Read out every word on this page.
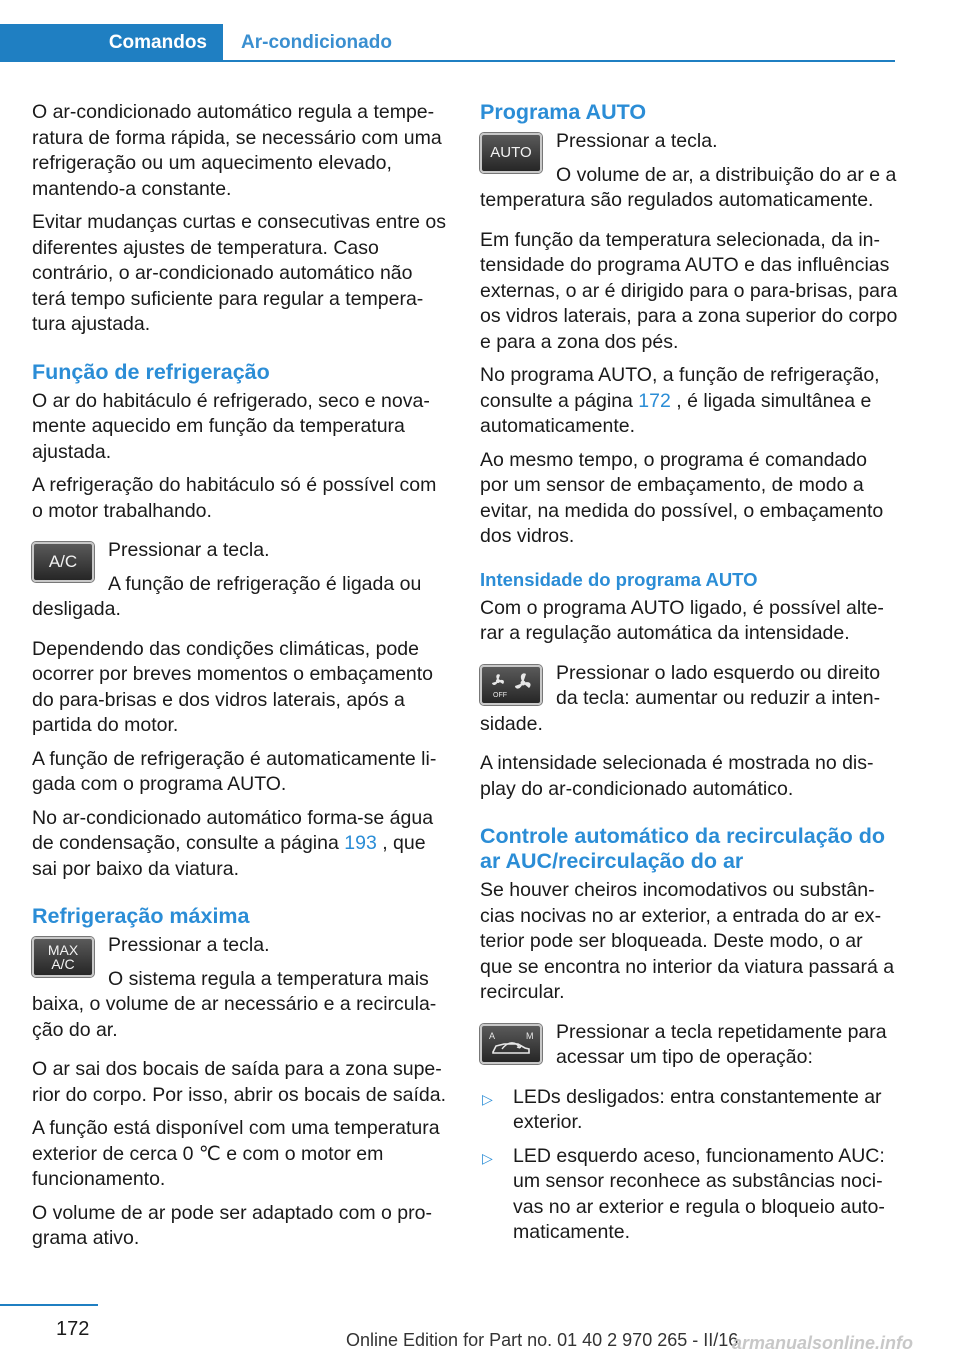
Comandos Ar-condicionado

O ar-condicionado automático regula a temperatura de forma rápida, se necessário com uma refrigeração ou um aquecimento elevado, mantendo-a constante.

Evitar mudanças curtas e consecutivas entre os diferentes ajustes de temperatura. Caso contrário, o ar-condicionado automático não terá tempo suficiente para regular a temperatura ajustada.

Função de refrigeração

O ar do habitáculo é refrigerado, seco e novamente aquecido em função da temperatura ajustada.

A refrigeração do habitáculo só é possível com o motor trabalhando.

A/C
Pressionar a tecla.
A função de refrigeração é ligada ou desligada.

Dependendo das condições climáticas, pode ocorrer por breves momentos o embaçamento do para-brisas e dos vidros laterais, após a partida do motor.

A função de refrigeração é automaticamente ligada com o programa AUTO.

No ar-condicionado automático forma-se água de condensação, consulte a página 193 , que sai por baixo da viatura.

Refrigeração máxima
MAX
A/C
Pressionar a tecla.
O sistema regula a temperatura mais baixa, o volume de ar necessário e a recirculação do ar.

O ar sai dos bocais de saída para a zona superior do corpo. Por isso, abrir os bocais de saída.

A função está disponível com uma temperatura exterior de cerca 0 ℃ e com o motor em funcionamento.

O volume de ar pode ser adaptado com o programa ativo.

Programa AUTO
AUTO
Pressionar a tecla.
O volume de ar, a distribuição do ar e a temperatura são regulados automaticamente.

Em função da temperatura selecionada, da intensidade do programa AUTO e das influências externas, o ar é dirigido para o para-brisas, para os vidros laterais, para a zona superior do corpo e para a zona dos pés.

No programa AUTO, a função de refrigeração, consulte a página 172 , é ligada simultânea e automaticamente.

Ao mesmo tempo, o programa é comandado por um sensor de embaçamento, de modo a evitar, na medida do possível, o embaçamento dos vidros.

Intensidade do programa AUTO

Com o programa AUTO ligado, é possível alterar a regulação automática da intensidade.

OFF
Pressionar o lado esquerdo ou direito da tecla: aumentar ou reduzir a intensidade.

A intensidade selecionada é mostrada no display do ar-condicionado automático.

Controle automático da recirculação do ar AUC/recirculação do ar

Se houver cheiros incomodativos ou substâncias nocivas no ar exterior, a entrada do ar exterior pode ser bloqueada. Deste modo, o ar que se encontra no interior da viatura passará a recircular.

A	M Pressionar a tecla repetidamente para acessar um tipo de operação:
▷ LEDs desligados: entra constantemente ar exterior.
▷ LED esquerdo aceso, funcionamento AUC: um sensor reconhece as substâncias nocivas no ar exterior e regula o bloqueio automaticamente.
172	Online Edition for Part no. 01 40 2 970 265 - II/16
armanualsonline.info
